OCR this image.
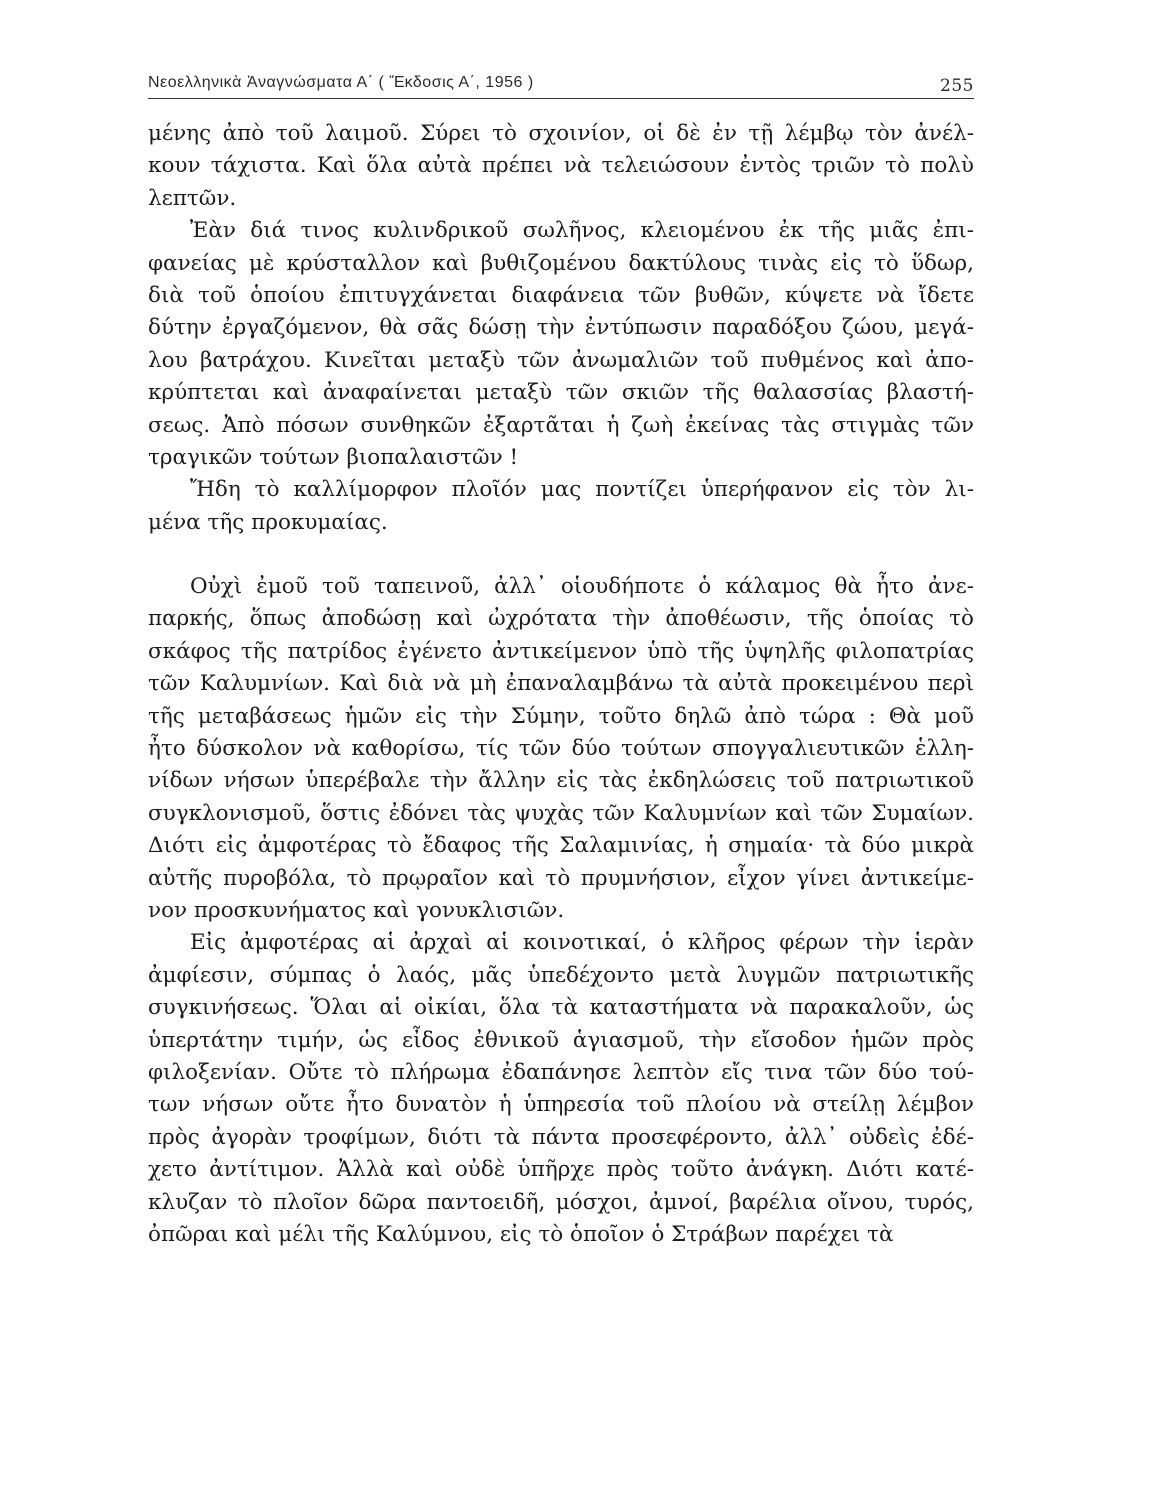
Νεοελληνικὰ Ἀναγνώσματα Α΄ ( Ἔκδοσις Α΄, 1956 )	255
μένης ἀπὸ τοῦ λαιμοῦ. Σύρει τὸ σχοινίον, οἱ δὲ ἐν τῇ λέμβῳ τὸν ἀνέλ-
κουν τάχιστα. Καὶ ὅλα αὐτὰ πρέπει νὰ τελειώσουν ἐντὸς τριῶν τὸ πολὺ
λεπτῶν.
Ἐὰν διά τινος κυλινδρικοῦ σωλῆνος, κλειομένου ἐκ τῆς μιᾶς ἐπι-
φανείας μὲ κρύσταλλον καὶ βυθιζομένου δακτύλους τινὰς εἰς τὸ ὕδωρ,
διὰ τοῦ ὁποίου ἐπιτυγχάνεται διαφάνεια τῶν βυθῶν, κύψετε νὰ ἴδετε
δύτην ἐργαζόμενον, θὰ σᾶς δώσῃ τὴν ἐντύπωσιν παραδόξου ζώου, μεγά-
λου βατράχου. Κινεῖται μεταξὺ τῶν ἀνωμαλιῶν τοῦ πυθμένος καὶ ἀπο-
κρύπτεται καὶ ἀναφαίνεται μεταξὺ τῶν σκιῶν τῆς θαλασσίας βλαστή-
σεως. Ἀπὸ πόσων συνθηκῶν ἐξαρτᾶται ἡ ζωὴ ἐκείνας τὰς στιγμὰς τῶν
τραγικῶν τούτων βιοπαλαιστῶν !
Ἤδη τὸ καλλίμορφον πλοῖόν μας ποντίζει ὑπερήφανον εἰς τὸν λι-
μένα τῆς προκυμαίας.
Οὐχὶ ἐμοῦ τοῦ ταπεινοῦ, ἀλλ᾽ οἱουδήποτε ὁ κάλαμος θὰ ἦτο ἀνε-
παρκής, ὅπως ἀποδώσῃ καὶ ὠχρότατα τὴν ἀποθέωσιν, τῆς ὁποίας τὸ
σκάφος τῆς πατρίδος ἐγένετο ἀντικείμενον ὑπὸ τῆς ὑψηλῆς φιλοπατρίας
τῶν Καλυμνίων. Καὶ διὰ νὰ μὴ ἐπαναλαμβάνω τὰ αὐτὰ προκειμένου περὶ
τῆς μεταβάσεως ἡμῶν εἰς τὴν Σύμην, τοῦτο δηλῶ ἀπὸ τώρα : Θὰ μοῦ
ἦτο δύσκολον νὰ καθορίσω, τίς τῶν δύο τούτων σπογγαλιευτικῶν ἑλλη-
νίδων νήσων ὑπερέβαλε τὴν ἄλλην εἰς τὰς ἐκδηλώσεις τοῦ πατριωτικοῦ
συγκλονισμοῦ, ὅστις ἐδόνει τὰς ψυχὰς τῶν Καλυμνίων καὶ τῶν Συμαίων.
Διότι εἰς ἀμφοτέρας τὸ ἔδαφος τῆς Σαλαμινίας, ἡ σημαία· τὰ δύο μικρὰ
αὐτῆς πυροβόλα, τὸ πρῳραῖον καὶ τὸ πρυμνήσιον, εἶχον γίνει ἀντικείμε-
νον προσκυνήματος καὶ γονυκλισιῶν.
Εἰς ἀμφοτέρας αἱ ἀρχαὶ αἱ κοινοτικαί, ὁ κλῆρος φέρων τὴν ἱερὰν
ἀμφίεσιν, σύμπας ὁ λαός, μᾶς ὑπεδέχοντο μετὰ λυγμῶν πατριωτικῆς
συγκινήσεως. Ὅλαι αἱ οἰκίαι, ὅλα τὰ καταστήματα νὰ παρακαλοῦν, ὡς
ὑπερτάτην τιμήν, ὡς εἶδος ἐθνικοῦ ἁγιασμοῦ, τὴν εἴσοδον ἡμῶν πρὸς
φιλοξενίαν. Οὔτε τὸ πλήρωμα ἐδαπάνησε λεπτὸν εἴς τινα τῶν δύο τού-
των νήσων οὔτε ἦτο δυνατὸν ἡ ὑπηρεσία τοῦ πλοίου νὰ στείλῃ λέμβον
πρὸς ἀγορὰν τροφίμων, διότι τὰ πάντα προσεφέροντο, ἀλλ᾽ οὐδεὶς ἐδέ-
χετο ἀντίτιμον. Ἀλλὰ καὶ οὐδὲ ὑπῆρχε πρὸς τοῦτο ἀνάγκη. Διότι κατέ-
κλυζαν τὸ πλοῖον δῶρα παντοειδῆ, μόσχοι, ἀμνοί, βαρέλια οἴνου, τυρός,
ὀπῶραι καὶ μέλι τῆς Καλύμνου, εἰς τὸ ὁποῖον ὁ Στράβων παρέχει τὰ
